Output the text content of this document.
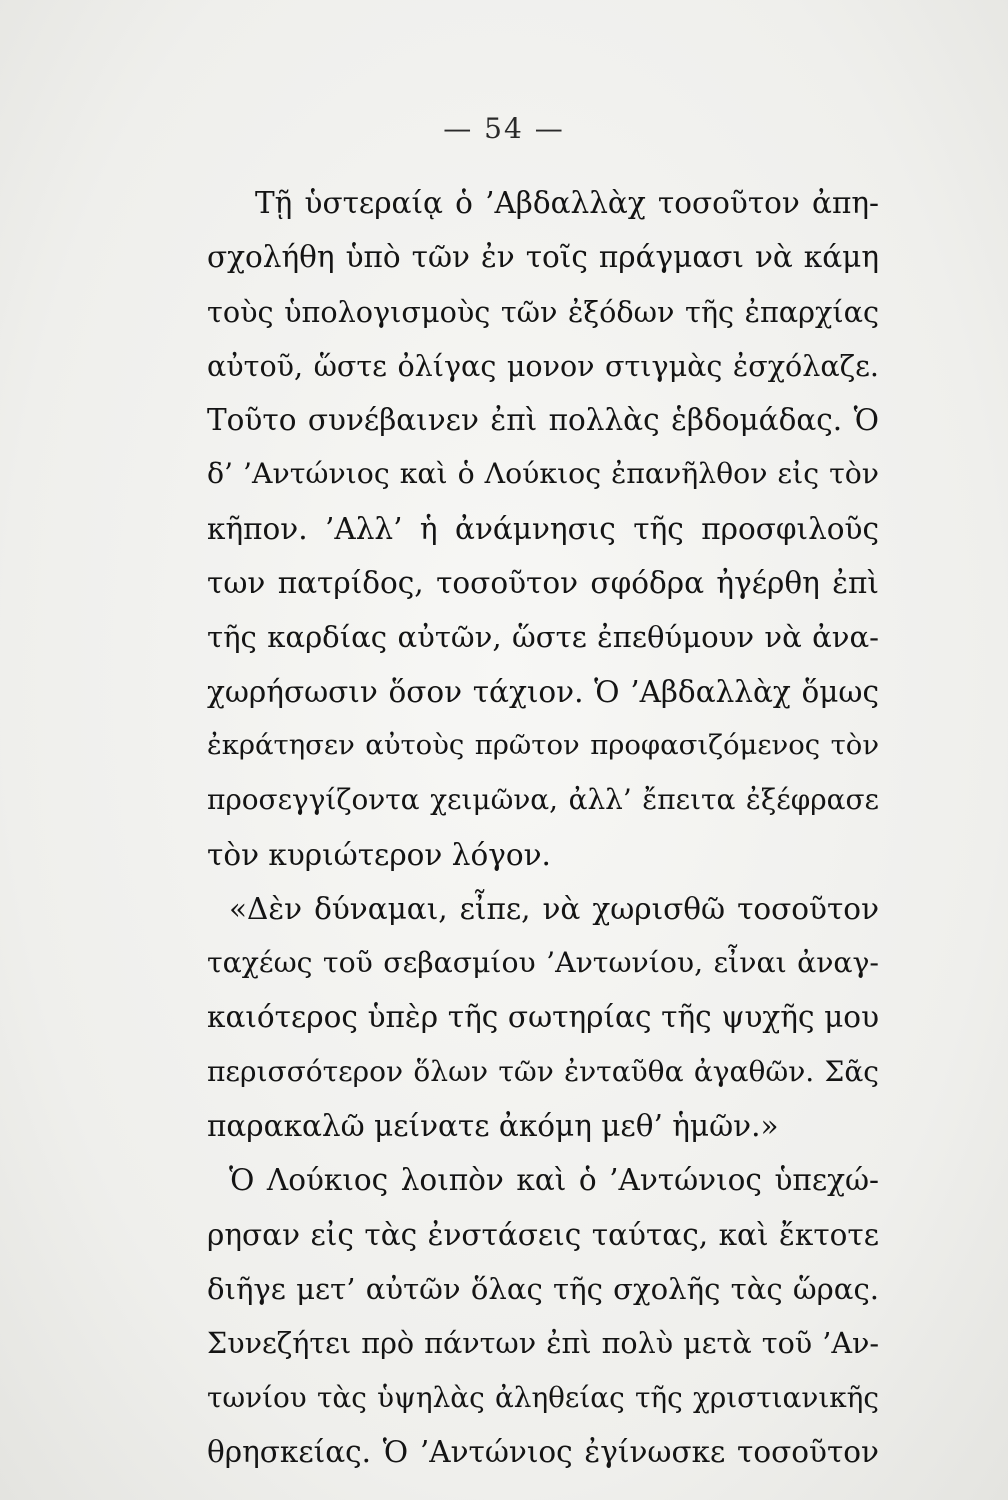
— 54 —
Τῇ ὑστεραίᾳ ὁ ’Αβδαλλὰχ τοσοῦτον ἀπη-
σχολήθη ὑπὸ τῶν ἐν τοῖς πράγμασι νὰ κάμη
τοὺς ὑπολογισμοὺς τῶν ἐξόδων τῆς ἐπαρχίας
αὐτοῦ, ὥστε ὀλίγας μονον στιγμὰς ἐσχόλαζε.
Τοῦτο συνέβαινεν ἐπὶ πολλὰς ἑβδομάδας. Ὁ
δ’ ’Αντώνιος καὶ ὁ Λούκιος ἐπανῆλθον εἰς τὸν
κῆπον. ’Αλλ’ ἡ ἀνάμνησις τῆς προσφιλοῦς
των πατρίδος, τοσοῦτον σφόδρα ἠγέρθη ἐπὶ
τῆς καρδίας αὐτῶν, ὥστε ἐπεθύμουν νὰ ἀνα-
χωρήσωσιν ὅσον τάχιον. Ὁ ’Αβδαλλὰχ ὅμως
ἐκράτησεν αὐτοὺς πρῶτον προφασιζόμενος τὸν
προσεγγίζοντα χειμῶνα, ἀλλ’ ἔπειτα ἐξέφρασε
τὸν κυριώτερον λόγον.
«Δὲν δύναμαι, εἶπε, νὰ χωρισθῶ τοσοῦτον
ταχέως τοῦ σεβασμίου ’Αντωνίου, εἶναι ἀναγ-
καιότερος ὑπὲρ τῆς σωτηρίας τῆς ψυχῆς μου
περισσότερον ὅλων τῶν ἐνταῦθα ἀγαθῶν. Σᾶς
παρακαλῶ μείνατε ἀκόμη μεθ’ ἡμῶν.»
Ὁ Λούκιος λοιπὸν καὶ ὁ ’Αντώνιος ὑπεχώ-
ρησαν εἰς τὰς ἐνστάσεις ταύτας, καὶ ἔκτοτε
διῆγε μετ’ αὐτῶν ὅλας τῆς σχολῆς τὰς ὥρας.
Συνεζήτει πρὸ πάντων ἐπὶ πολὺ μετὰ τοῦ ’Αν-
τωνίου τὰς ὑψηλὰς ἀληθείας τῆς χριστιανικῆς
θρησκείας. Ὁ ’Αντώνιος ἐγίνωσκε τοσοῦτον
